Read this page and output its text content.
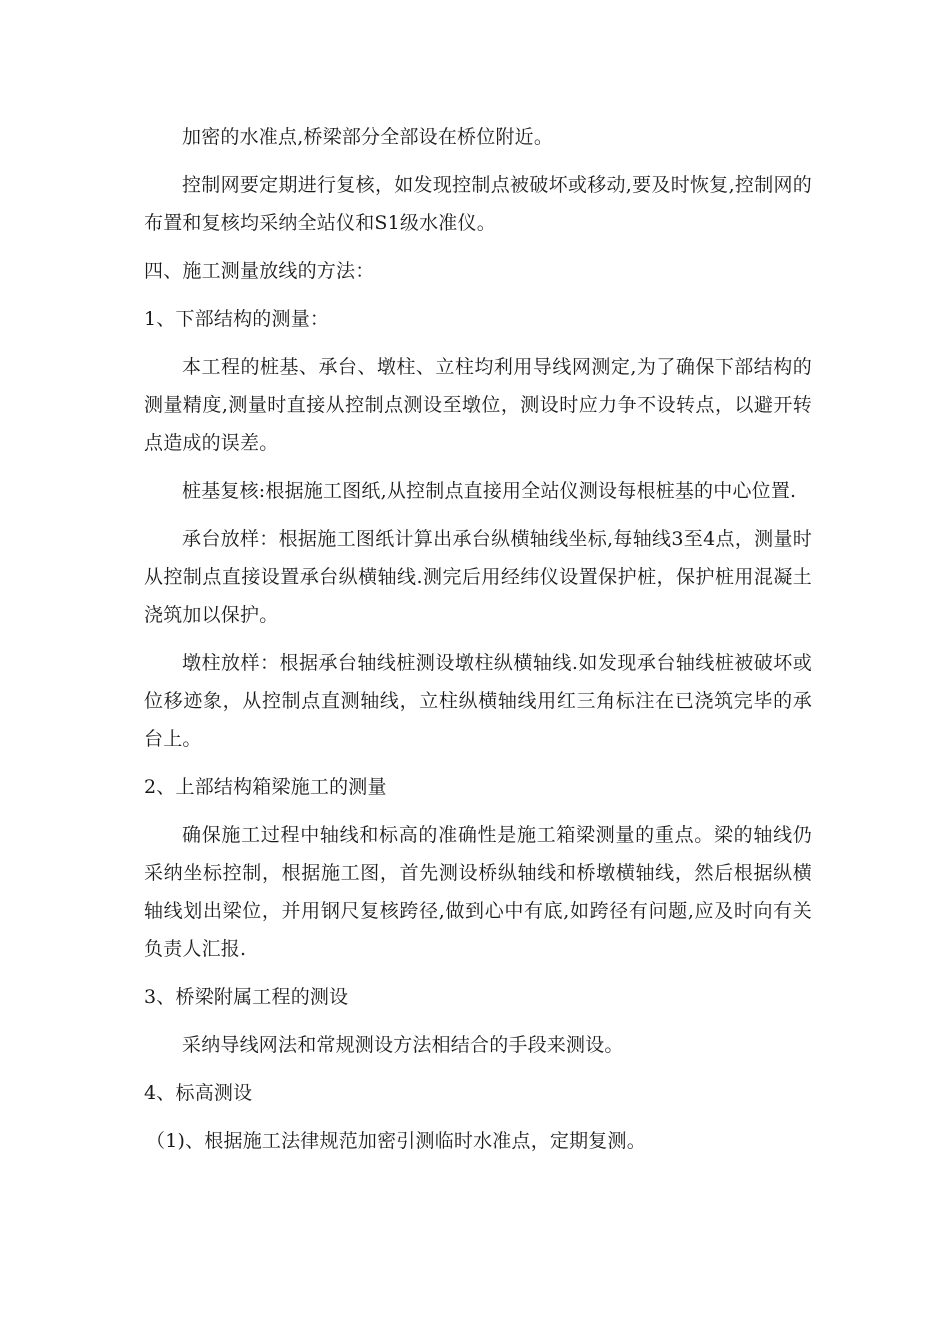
加密的水准点,桥梁部分全部设在桥位附近。

控制网要定期进行复核，如发现控制点被破坏或移动,要及时恢复,控制网的布置和复核均采纳全站仪和S1级水准仪。

四、施工测量放线的方法：

1、下部结构的测量：

本工程的桩基、承台、墩柱、立柱均利用导线网测定,为了确保下部结构的测量精度,测量时直接从控制点测设至墩位，测设时应力争不设转点，以避开转点造成的误差。

桩基复核:根据施工图纸,从控制点直接用全站仪测设每根桩基的中心位置.

承台放样：根据施工图纸计算出承台纵横轴线坐标,每轴线3至4点，测量时从控制点直接设置承台纵横轴线.测完后用经纬仪设置保护桩，保护桩用混凝土浇筑加以保护。

墩柱放样：根据承台轴线桩测设墩柱纵横轴线.如发现承台轴线桩被破坏或位移迹象，从控制点直测轴线，立柱纵横轴线用红三角标注在已浇筑完毕的承台上。

2、上部结构箱梁施工的测量

确保施工过程中轴线和标高的准确性是施工箱梁测量的重点。梁的轴线仍采纳坐标控制，根据施工图，首先测设桥纵轴线和桥墩横轴线，然后根据纵横轴线划出梁位，并用钢尺复核跨径,做到心中有底,如跨径有问题,应及时向有关负责人汇报.

3、桥梁附属工程的测设

采纳导线网法和常规测设方法相结合的手段来测设。

4、标高测设

（1)、根据施工法律规范加密引测临时水准点，定期复测。
